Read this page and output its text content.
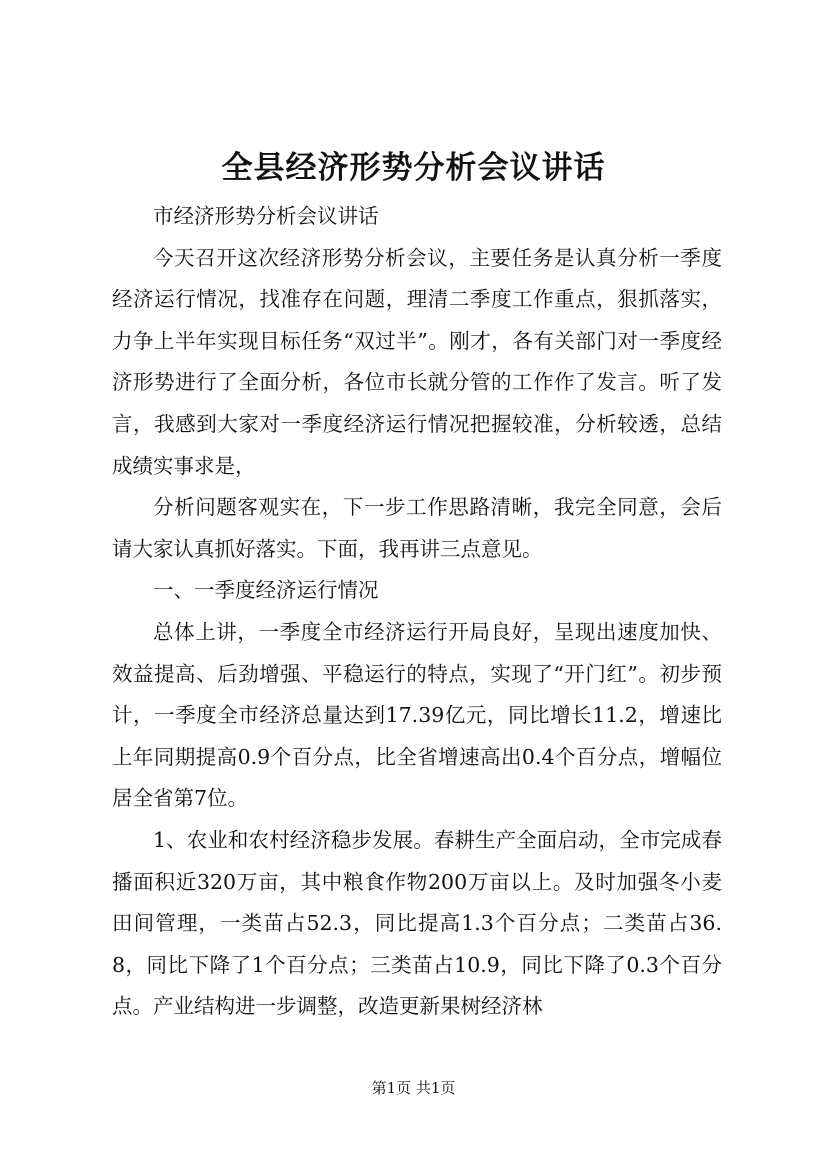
全县经济形势分析会议讲话

市经济形势分析会议讲话

今天召开这次经济形势分析会议，主要任务是认真分析一季度经济运行情况，找准存在问题，理清二季度工作重点，狠抓落实，力争上半年实现目标任务“双过半”。刚才，各有关部门对一季度经济形势进行了全面分析，各位市长就分管的工作作了发言。听了发言，我感到大家对一季度经济运行情况把握较准，分析较透，总结成绩实事求是，

分析问题客观实在，下一步工作思路清晰，我完全同意，会后请大家认真抓好落实。下面，我再讲三点意见。

一、一季度经济运行情况

总体上讲，一季度全市经济运行开局良好，呈现出速度加快、效益提高、后劲增强、平稳运行的特点，实现了“开门红”。初步预计，一季度全市经济总量达到17.39亿元，同比增长11.2，增速比上年同期提高0.9个百分点，比全省增速高出0.4个百分点，增幅位居全省第7位。

1、农业和农村经济稳步发展。春耕生产全面启动，全市完成春播面积近320万亩，其中粮食作物200万亩以上。及时加强冬小麦田间管理，一类苗占52.3，同比提高1.3个百分点；二类苗占36.8，同比下降了1个百分点；三类苗占10.9，同比下降了0.3个百分点。产业结构进一步调整，改造更新果树经济林

第1页 共1页
